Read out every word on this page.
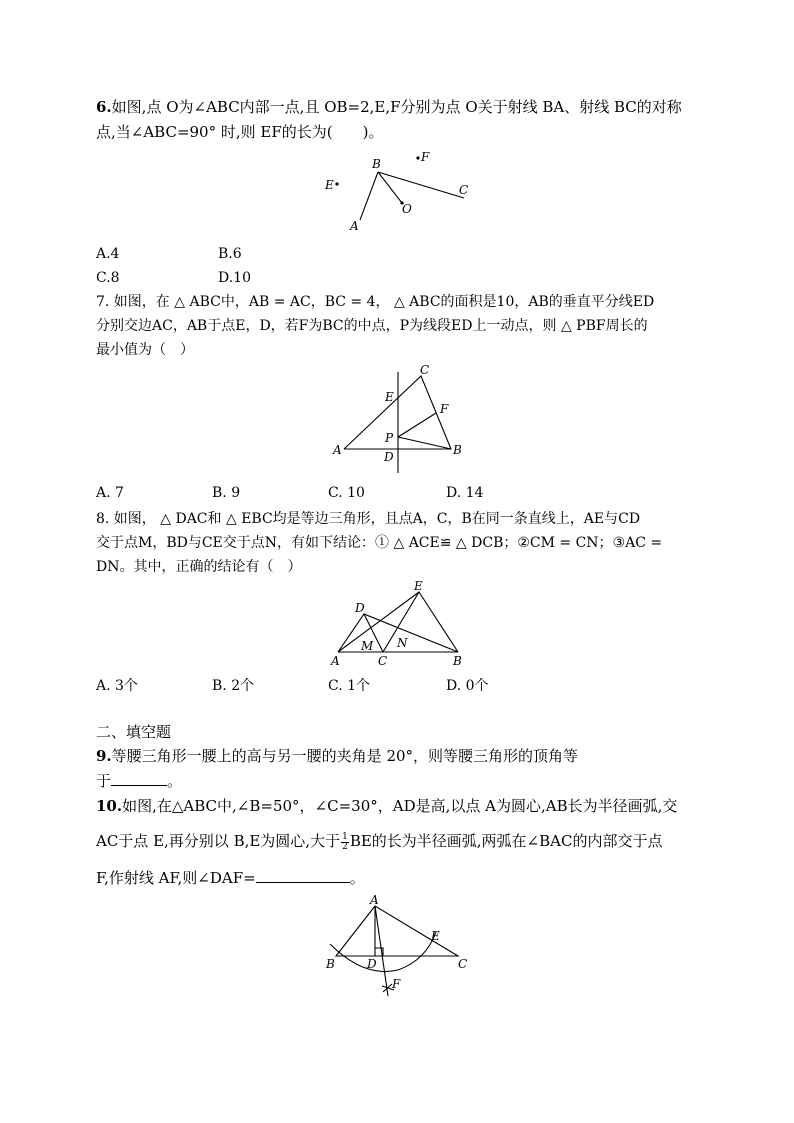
6.如图,点 O为∠ABC内部一点,且 OB=2,E,F分别为点 O关于射线 BA、射线 BC的对称
点,当∠ABC=90° 时,则 EF的长为(　　)。
B	F
E	C
O
A
A.4	B.6
C.8	D.10
7. 如图，在 △ ABC中，AB = AC，BC = 4， △ ABC的面积是10，AB的垂直平分线ED
分别交边AC，AB于点E，D，若F为BC的中点，P为线段ED上一动点，则 △ PBF周长的
最小值为（　）
C
E
F
P
A	D	B
A. 7	B. 9	C. 10	D. 14
8. 如图， △ DAC和 △ EBC均是等边三角形，且点A，C，B在同一条直线上，AE与CD
交于点M，BD与CE交于点N，有如下结论：① △ ACE≌ △ DCB；②CM = CN；③AC =
DN。其中，正确的结论有（　）
E
D
M N
A	C	B
A. 3个	B. 2个	C. 1个	D. 0个
二、填空题
9.等腰三角形一腰上的高与另一腰的夹角是 20°，则等腰三角形的顶角等
于	。
10.如图,在△ABC中,∠B=50°，∠C=30°，AD是高,以点 A为圆心,AB长为半径画弧,交
AC于点 E,再分别以 B,E为圆心,大于 $\frac{1}{2}$ BE的长为半径画弧,两弧在∠BAC的内部交于点
F,作射线 AF,则∠DAF=	。
A
E
B	D	C
F
